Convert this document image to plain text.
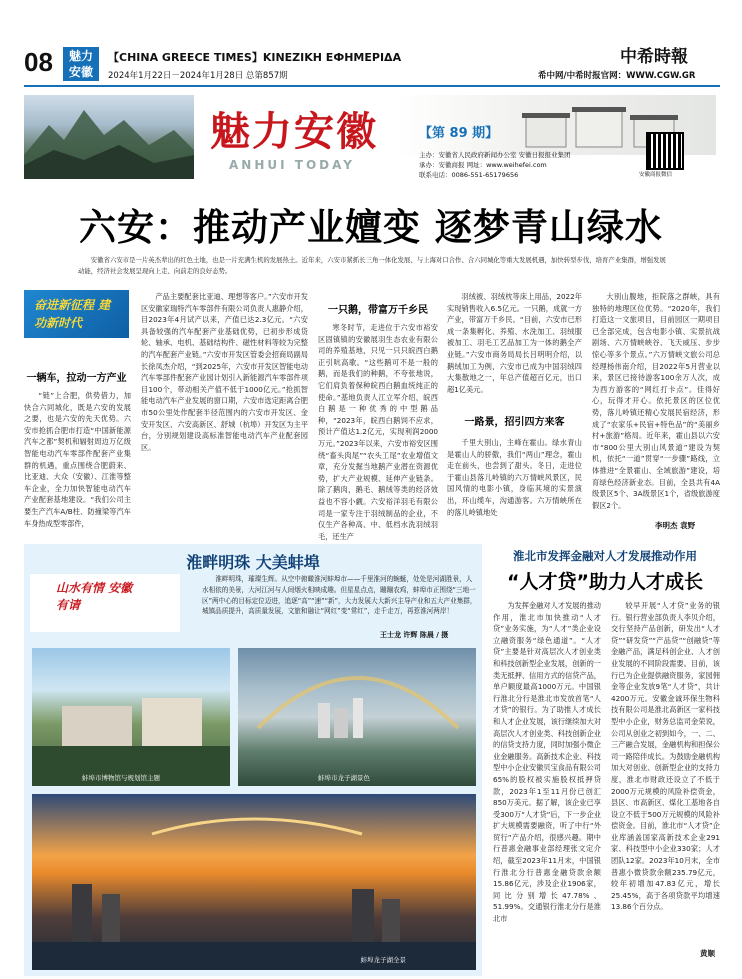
08 魅力安徽
【CHINA GREECE TIMES】KINEZIKH EФHMEPIΔA
2024年1月22日－2024年1月28日 总第857期
中希時報
希中网/中希时报官网：WWW.CGW.GR
魅力安徽
ANHUI TODAY
【第 89 期】
主办：安徽省人民政府新闻办公室 安徽日报报业集团
承办：安徽商报 网址：www.weihefei.com
联系电话：0086-551-65179656	安徽商报微信
六安：推动产业嬗变 逐梦青山绿水
安徽省六安市是一片英杰辈出的红色土地，也是一片充满生机的发展热土。近年来，六安市紧抓长三角一体化发展、与上海对口合作、合六同城化等重大发展机遇，加快转型步伐，培育产业集群，增强发展动能，经济社会发展呈现向上走、向前走的良好态势。
奋进新征程 建功新时代
一辆车，拉动一方产业
“链”上合肥，供势借力，加快合六同城化，既是六安的发展之要，也是六安的先天优势。六安市抢抓合肥市打造“中国新能源汽车之都”契机和辐射周边万亿级智能电动汽车零部件配套产业集群的机遇，重点围绕合肥蔚来、比亚迪、大众（安徽）、江淮等整车企业，全力加快智能电动汽车产业配套基地建设。“我们公司主要生产汽车A/B柱、防撞梁等汽车车身热成型零部件，
产品主要配套比亚迪、理想等客户。”六安市开发区安徽家瑞特汽车零部件有限公司负责人惠静介绍，目2023年4月试产以来，产值已达2.3亿元。“六安具备较强的汽车配套产业基础优势，已初步形成货轮、轴承、电机、基础结构件、磁性材料等较为完整的汽车配套产业链。”六安市开发区管委会招商局副局长徐凤杰介绍，“到2025年，六安市开发区智能电动汽车零部件配套产业园计划引入新能源汽车零部件项目100个，带动相关产值不低于1000亿元。”抢抓智能电动汽车产业发展的窗口期，六安市选定距离合肥市50公里处作配套半径范围内的六安市开发区、金安开发区、六安高新区、舒城（杭埠）开发区为主平台，分别规划建设高标准智能电动汽车产业配套园区。
一只鹅，带富万千乡民
寒冬时节，走进位于六安市裕安区固镇镇的安徽展羽生态农业有限公司的养殖基地，只见一只只皖西白鹅正引吭高歌。“这些鹅可不是一般的鹅，而是我们的种鹅，不夸张地说，它们肩负着保种皖西白鹅血统纯正的使命。”基地负责人江立军介绍，皖西白鹅是一种优秀的中型鹅品种，“2023年，皖西白鹅饲不应求，预计产值达1.2亿元，实现利润2000万元。”2023年以来，六安市裕安区围绕“畜头肉尾”“农头工尾”农业增值文章，充分发掘当地鹅产业潜在资源优势，扩大产业规模、延伸产业链条。除了鹅肉，鹅毛、鹅绒等类的经济效益也不容小觑。六安裕洋羽毛有限公司是一家专注于羽绒制品的企业，不仅生产各种高、中、低档水洗羽绒羽毛，还生产
羽绒被、羽绒枕等床上用品，2022年实现销售收入6.5亿元。一只鹅，成就一方产业，带富万千乡民。“目前，六安市已形成一条集孵化、养殖、水洗加工、羽绒服被加工、羽毛工艺品加工为一体的鹅全产业链。”六安市商务局局长吕明明介绍，以鹅绒加工为例，六安市已成为中国羽绒四大集散地之一，年总产值超百亿元，出口超1亿美元。
一路景，招引四方来客
千里大别山，主峰在霍山。绿水青山是霍山人的骄傲，我们“两山”理念，霍山走在前头，也尝到了甜头。冬日，走进位于霍山县落儿岭镇的六万情峡风景区，民国风情的电影小镇，身临其境的实景演出，环山缆车，沟通游客。六万情峡所在的落儿岭镇地处
大别山腹地，拒院落之群峡，具有独特的地理区位优势。“2020年，我们打造这一文旅项目，目前园区一期项目已全部完成，包含电影小镇、实景抗战剧场、六万情峡峡谷、飞天威压、步步惊心等多个景点。”六万情峡文旅公司总经理杨伟南介绍，目2022年5月营业以来，景区已接待游客100余万人次，成为西方游客的“网红打卡点”。佳得好心，玩得才开心。依托景区的区位优势，落儿岭镇还精心发展民宿经济，形成了“农家乐+民宿+特色品”的“美丽乡村+旅游”格局。近年来，霍山县以六安市“800公里大别山风景道”建设为契机，依托“一道”贯穿“一步骤”路线，立体推进“全景霍山、全域旅游”建设，培育绿色经济新业态。目前，全县共有4A级景区5个、3A级景区1个，省级旅游度假区2个。
李明杰 袁野
淮畔明珠 大美蚌埠
山水有情 安徽有请
淮畔明珠，璀璨生辉。从空中俯瞰淮河蚌埠市——千里淮河的蜿蜒，处处是河湖胜景，人水相依的美景，大河江河与人间烟火相映成趣。但星星点点，蹦蹦农鸡，蚌埠市正围绕“三地一区”两中心的目标定位迈进，追逐“高”“速”“新”，大力发展大大新兴主导产业和五大产业集群，城镇品质提升，高质量发展，文旅和融让“网红”变“常红”，走千走万，再惹淮河两岸！
王士龙 许辉 陈晨 / 摄
蚌埠市博物馆与规划馆主题	蚌埠市龙子湖景色
蚌埠龙子湖全景
淮北市发挥金融对人才发展推动作用
“人才贷”助力人才成长
为发挥金融对人才发展的推动作用，淮北市加快推动“人才贷”业务实施，为“人才”类企业设立融资服务“绿色通道”。“人才贷”主要是针对高层次人才创业类和科技创新型企业发展，创新的一类无抵押、信用方式的信贷产品，单户额度最高1000万元。中国银行淮北分行是淮北市发放首笔“人才贷”的银行。为了助推人才成长和人才企业发展，该行继续加大对高层次人才创业类、科技创新企业的信贷支持力度，同时加强小微企业金融服务。高新技术企业、科技型中小企业安徽贝宝食品有限公司65%的股权被实施股权抵押贷款，2023年1至11月份已创汇850万美元。据了解，该企业已享受300万“人才贷”后，下一步企业扩大规模需要融资，听了中行“外贸行”产品介绍，很感兴趣。期中行普惠金融事业部经理张文定介绍，截至2023年11月末，中国银行淮北分行普惠金融贷款余额15.86亿元，涉及企业1906家，同比分别增长47.78%、51.99%。交通银行淮北分行是淮北市
较早开展“人才贷”业务的银行。银行营业部负责人李贝介绍，交行坚持产品创新，研发出“人才贷”“研发贷”“产品贷”“创融贷”等金融产品，满足科创企业、人才创业发展的不同阶段需要。目前，该行已为企业提供融资服务，家园佣金等企业发放9笔“人才贷”，共计4200万元。安徽金诚环保生物科技有限公司是淮北高新区一家科技型中小企业，财务总监司金荣说，公司从创业之初到如今，一、二、三产融合发展，金融机构和担保公司一路陪伴成长。为鼓励金融机构加大对创业、创新型企业的支持力度，淮北市财政还设立了不低于2000万元规模的风险补偿资金，县区、市高新区、煤化工基地各自设立不低于500万元规模的风险补偿资金。目前，淮北市“人才贷”企业库涵盖国家高新技术企业291家、科技型中小企业330家；人才团队12家。2023年10月末，全市普惠小微贷款余额235.79亿元，较年初增加47.83亿元，增长25.45%，高于各项贷款平均增速13.86个百分点。
黄顺
